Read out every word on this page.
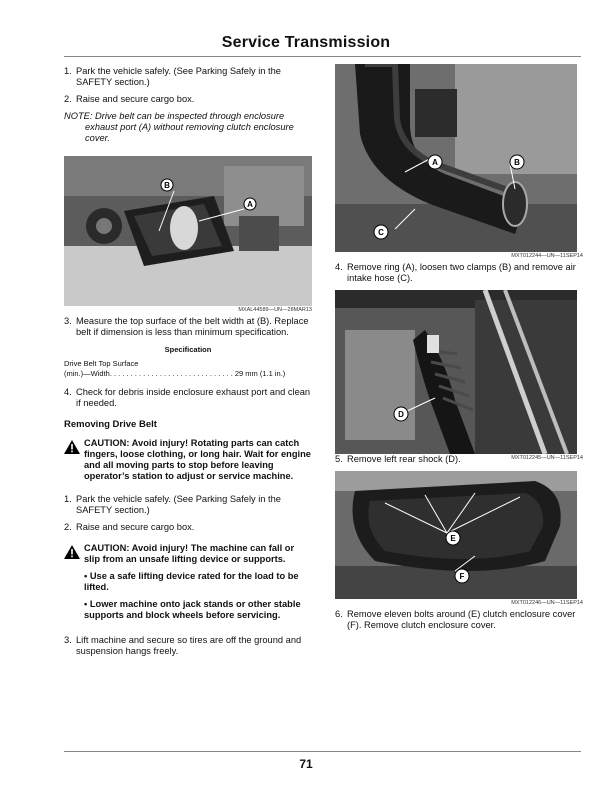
Service Transmission
1. Park the vehicle safely. (See Parking Safely in the SAFETY section.)
2. Raise and secure cargo box.
NOTE: Drive belt can be inspected through enclosure
exhaust port (A) without removing clutch enclosure cover.
B
A
MXAL44589—UN—28MAR13
3. Measure the top surface of the belt width at (B). Replace belt if dimension is less than minimum specification.
Specification
Drive Belt Top Surface
(min.)—Width. . . . . . . . . . . . . . . . . . . . . . . . . . . . . . 29 mm (1.1 in.)
4. Check for debris inside enclosure exhaust port and clean if needed.
Removing Drive Belt
CAUTION: Avoid injury! Rotating parts can catch fingers, loose clothing, or long hair. Wait for engine and all moving parts to stop before leaving operator’s station to adjust or service machine.
1. Park the vehicle safely. (See Parking Safely in the SAFETY section.)
2. Raise and secure cargo box.
CAUTION: Avoid injury! The machine can fall or slip from an unsafe lifting device or supports.
• Use a safe lifting device rated for the load to be lifted.
• Lower machine onto jack stands or other stable supports and block wheels before servicing.
3. Lift machine and secure so tires are off the ground and suspension hangs freely.
A	B
C
MXT012244—UN—11SEP14
4. Remove ring (A), loosen two clamps (B) and remove air intake hose (C).
D
MXT012245—UN—11SEP14
5. Remove left rear shock (D).
E
F
MXT012246—UN—11SEP14
6. Remove eleven bolts around (E) clutch enclosure cover (F). Remove clutch enclosure cover.
71
